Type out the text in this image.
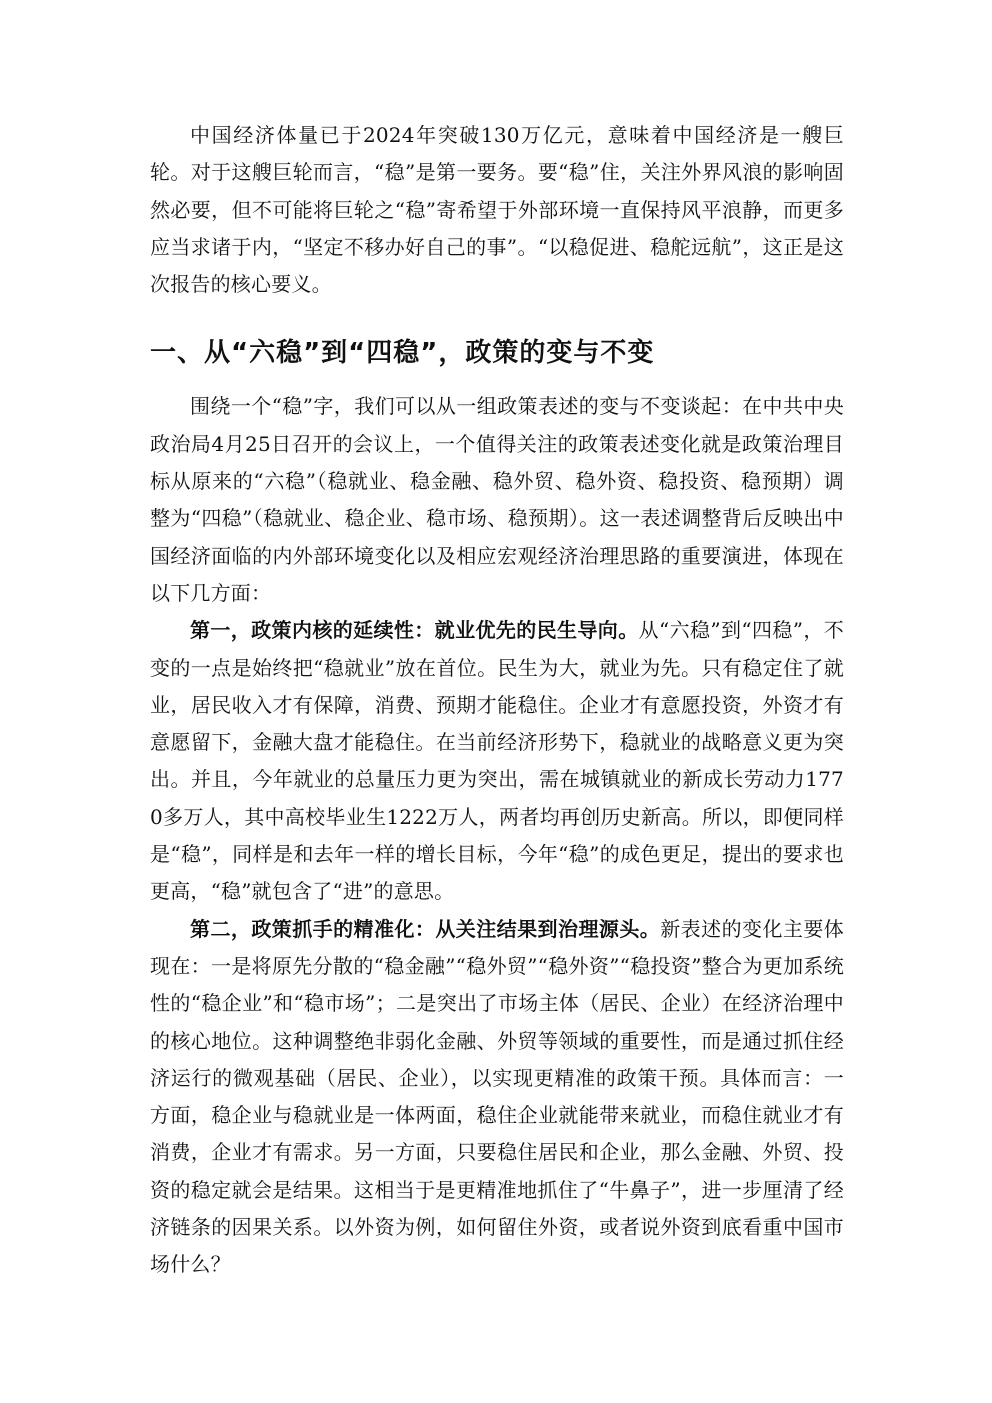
中国经济体量已于2024年突破130万亿元，意味着中国经济是一艘巨轮。对于这艘巨轮而言，“稳”是第一要务。要“稳”住，关注外界风浪的影响固然必要，但不可能将巨轮之“稳”寄希望于外部环境一直保持风平浪静，而更多应当求诸于内，“坚定不移办好自己的事”。“以稳促进、稳舵远航”，这正是这次报告的核心要义。

一、从“六稳”到“四稳”，政策的变与不变

围绕一个“稳”字，我们可以从一组政策表述的变与不变谈起：在中共中央政治局4月25日召开的会议上，一个值得关注的政策表述变化就是政策治理目标从原来的“六稳”（稳就业、稳金融、稳外贸、稳外资、稳投资、稳预期）调整为“四稳”（稳就业、稳企业、稳市场、稳预期）。这一表述调整背后反映出中国经济面临的内外部环境变化以及相应宏观经济治理思路的重要演进，体现在以下几方面：

第一，政策内核的延续性：就业优先的民生导向。从“六稳”到“四稳”，不变的一点是始终把“稳就业”放在首位。民生为大，就业为先。只有稳定住了就业，居民收入才有保障，消费、预期才能稳住。企业才有意愿投资，外资才有意愿留下，金融大盘才能稳住。在当前经济形势下，稳就业的战略意义更为突出。并且，今年就业的总量压力更为突出，需在城镇就业的新成长劳动力1770多万人，其中高校毕业生1222万人，两者均再创历史新高。所以，即便同样是“稳”，同样是和去年一样的增长目标，今年“稳”的成色更足，提出的要求也更高，“稳”就包含了“进”的意思。

第二，政策抓手的精准化：从关注结果到治理源头。新表述的变化主要体现在：一是将原先分散的“稳金融”“稳外贸”“稳外资”“稳投资”整合为更加系统性的“稳企业”和“稳市场”；二是突出了市场主体（居民、企业）在经济治理中的核心地位。这种调整绝非弱化金融、外贸等领域的重要性，而是通过抓住经济运行的微观基础（居民、企业），以实现更精准的政策干预。具体而言：一方面，稳企业与稳就业是一体两面，稳住企业就能带来就业，而稳住就业才有消费，企业才有需求。另一方面，只要稳住居民和企业，那么金融、外贸、投资的稳定就会是结果。这相当于是更精准地抓住了“牛鼻子”，进一步厘清了经济链条的因果关系。以外资为例，如何留住外资，或者说外资到底看重中国市场什么？
